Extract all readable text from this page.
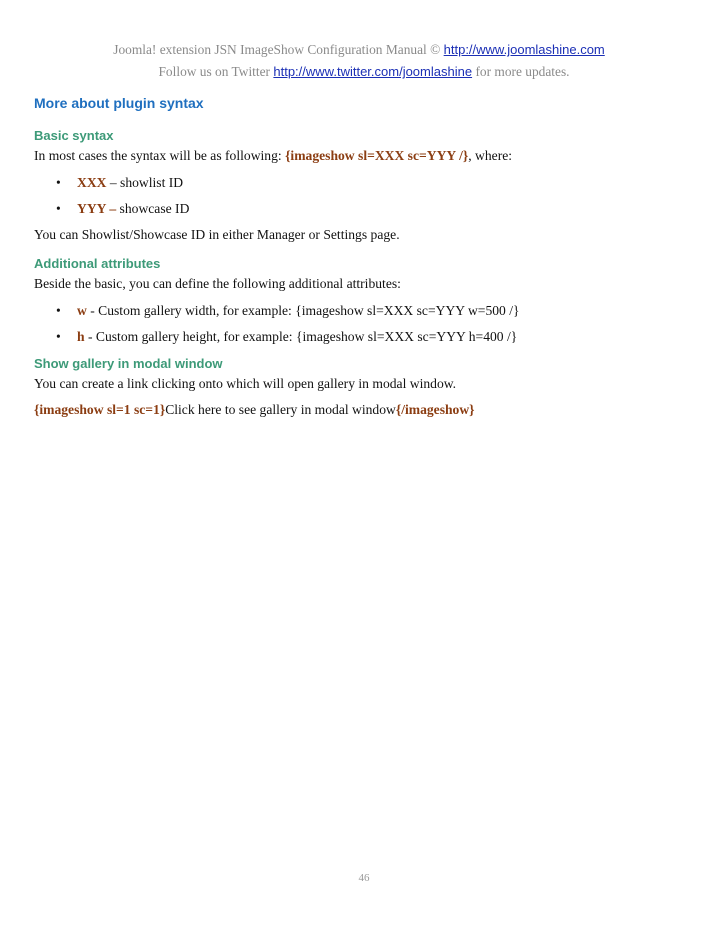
Joomla! extension JSN ImageShow Configuration Manual © http://www.joomlashine.com
Follow us on Twitter http://www.twitter.com/joomlashine for more updates.
More about plugin syntax
Basic syntax

In most cases the syntax will be as following: {imageshow sl=XXX sc=YYY /}, where:

• XXX – showlist ID
• YYY – showcase ID

You can Showlist/Showcase ID in either Manager or Settings page.

Additional attributes

Beside the basic, you can define the following additional attributes:

• w - Custom gallery width, for example: {imageshow sl=XXX sc=YYY w=500 /}
• h - Custom gallery height, for example: {imageshow sl=XXX sc=YYY h=400 /}
Show gallery in modal window

You can create a link clicking onto which will open gallery in modal window.

{imageshow sl=1 sc=1}Click here to see gallery in modal window{/imageshow}

46
